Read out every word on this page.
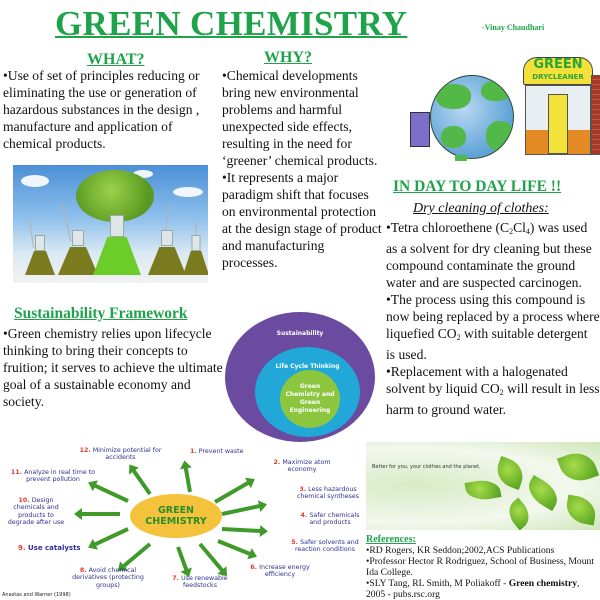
GREEN CHEMISTRY	-Vinay Chaudhari
WHAT?
•Use of set of principles reducing or eliminating the use or generation of hazardous substances in the design , manufacture and application of chemical products.
WHY?
•Chemical developments bring new environmental problems and harmful unexpected side effects, resulting in the need for ‘greener’ chemical products.
•It represents a major paradigm shift that focuses on environmental protection at the design stage of product and manufacturing processes.
GREEN
DRYCLEANER
IN DAY TO DAY LIFE !!
Dry cleaning of clothes:
•Tetra chloroethene $(C_2Cl_4)$ was used as a solvent for dry cleaning but these compound contaminate the ground water and are suspected carcinogen.
•The process using this compound is now being replaced by a process where liquefied $CO_2$ with suitable detergent is used.
•Replacement with a halogenated solvent by liquid $CO_2$ will result in less harm to ground water.
Sustainability Framework
•Green chemistry relies upon lifecycle thinking to bring their concepts to fruition; it serves to achieve the ultimate goal of a sustainable economy and society.
Sustainability
Life Cycle Thinking
Green Chemistry and Green Engineering
GREEN CHEMISTRY
1. Prevent waste
2. Maximize atom economy
3. Less hazardous chemical syntheses
4. Safer chemicals and products
5. Safer solvents and reaction conditions
6. Increase energy efficiency
7. Use renewable feedstocks
8. Avoid chemical derivatives (protecting groups)
9. Use catalysts
10. Design chemicals and products to degrade after use
11. Analyze in real time to prevent pollution
12. Minimize potential for accidents
Anastas and Warner (1998)
Better for you, your clothes and the planet.
References:
•RD Rogers, KR Seddon;2002,ACS Publications
•Professor Hector R Rodriguez, School of Business, Mount Ida College.
•SLY Tang, RL Smith, M Poliakoff - Green chemistry, 2005 - pubs.rsc.org
